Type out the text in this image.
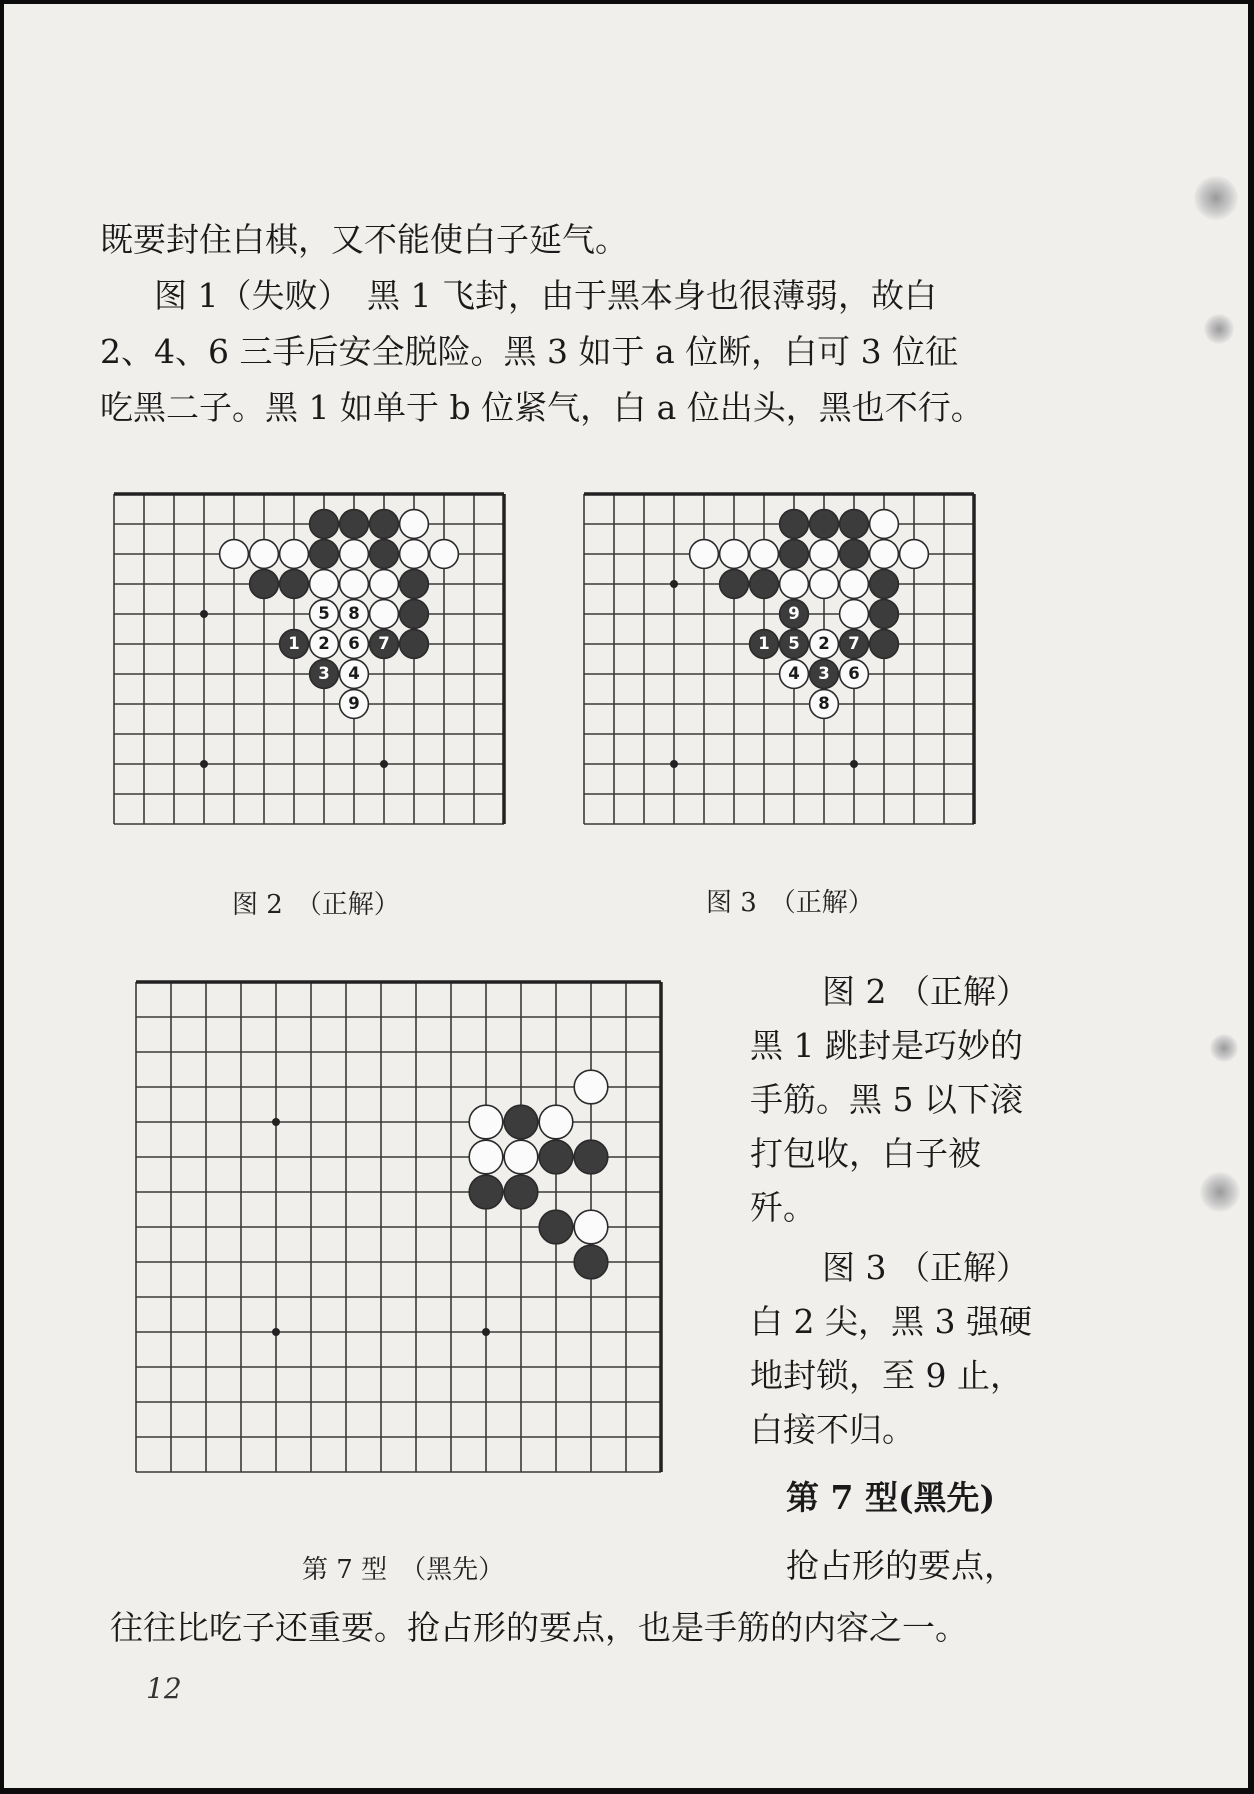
既要封住白棋，又不能使白子延气。
图 1（失败）　黑 1 飞封，由于黑本身也很薄弱，故白
2、4、6 三手后安全脱险。黑 3 如于 a 位断，白可 3 位征
吃黑二子。黑 1 如单于 b 位紧气，白 a 位出头，黑也不行。
5 8
1 2 6 7
3 4
9
图 2　（正解）
9
1 5 2 7
4 3 6
8
图 3　（正解）
第 7 型　（黑先）
图 2 （正解）
黑 1 跳封是巧妙的
手筋。黑 5 以下滚
打包收，白子被
歼。
图 3 （正解）
白 2 尖，黑 3 强硬
地封锁，至 9 止，
白接不归。
第 7 型(黑先)
抢占形的要点，
往往比吃子还重要。抢占形的要点，也是手筋的内容之一。
12
